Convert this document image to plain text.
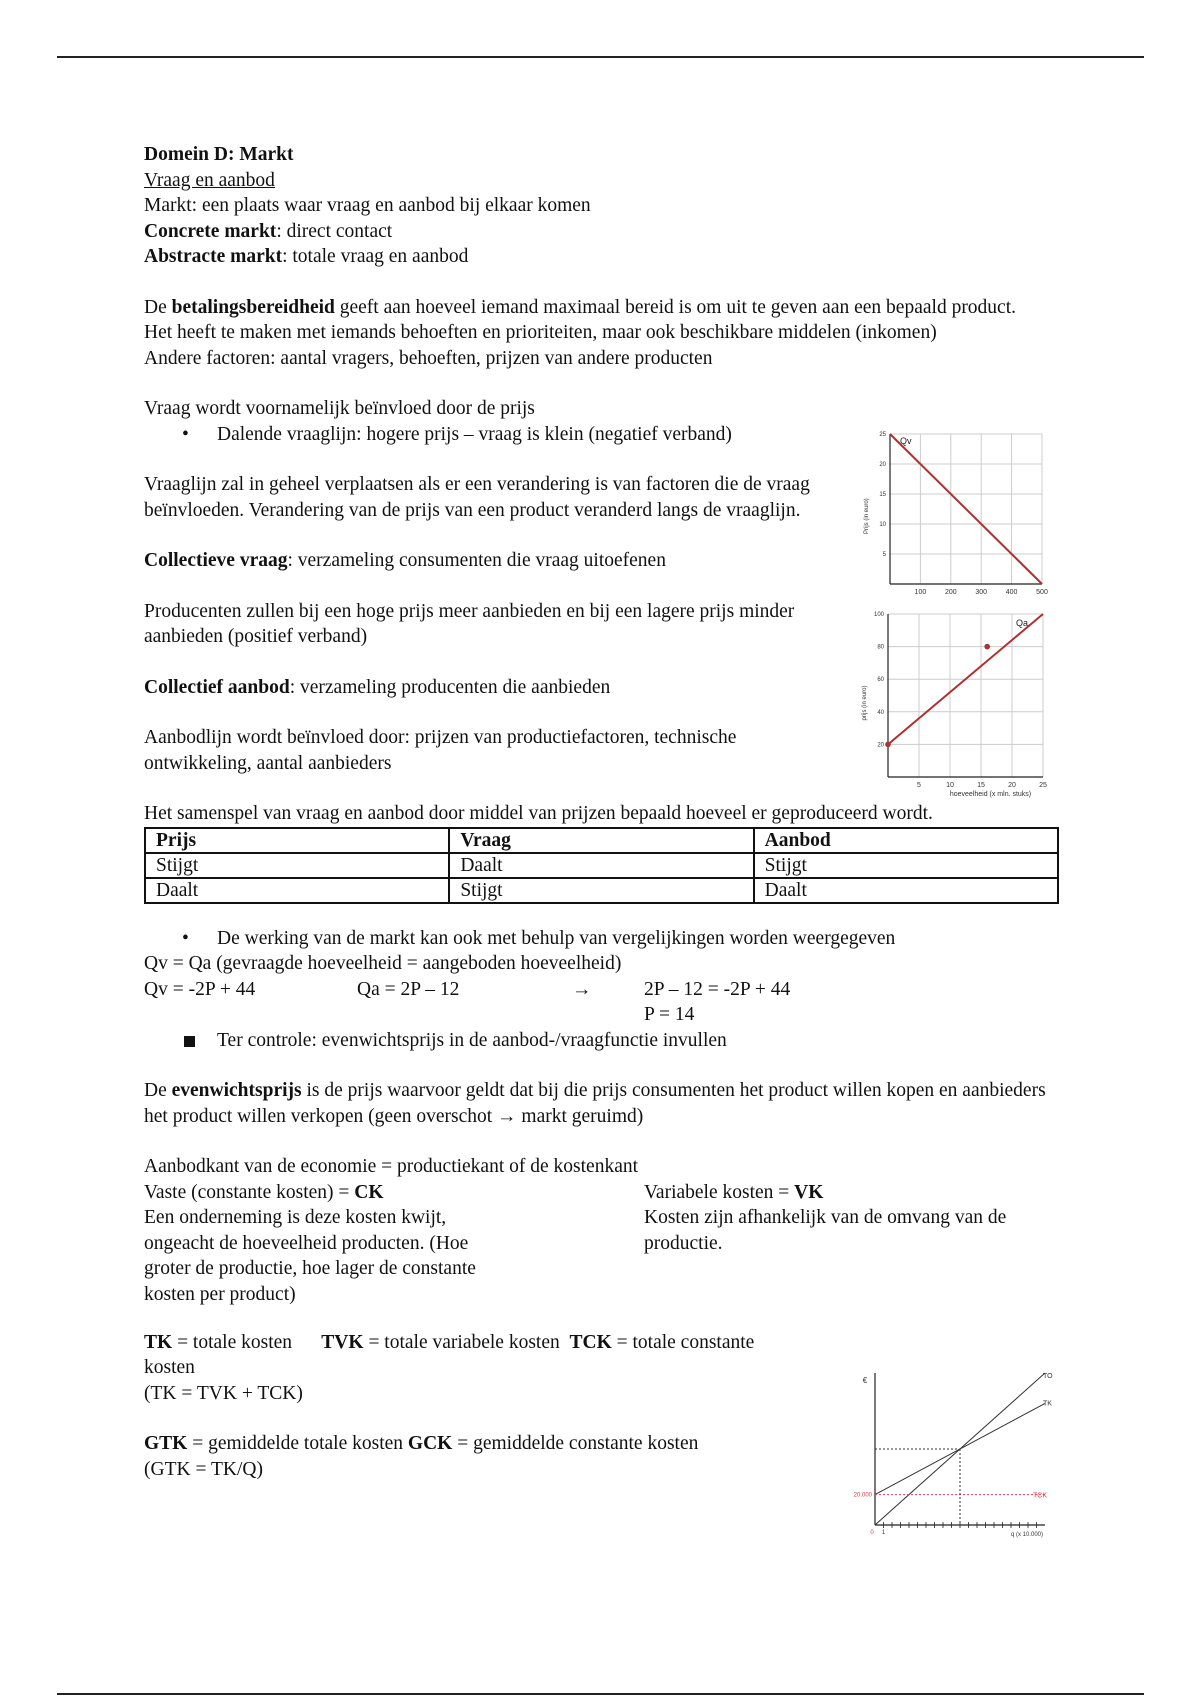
Domein D: Markt

Vraag en aanbod

Markt: een plaats waar vraag en aanbod bij elkaar komen

Concrete markt: direct contact

Abstracte markt: totale vraag en aanbod

De betalingsbereidheid geeft aan hoeveel iemand maximaal bereid is om uit te geven aan een bepaald product.

Het heeft te maken met iemands behoeften en prioriteiten, maar ook beschikbare middelen (inkomen)

Andere factoren: aantal vragers, behoeften, prijzen van andere producten

Vraag wordt voornamelijk beïnvloed door de prijs

• Dalende vraaglijn: hogere prijs – vraag is klein (negatief verband)

Vraaglijn zal in geheel verplaatsen als er een verandering is van factoren die de vraag beïnvloeden. Verandering van de prijs van een product veranderd langs de vraaglijn.

Collectieve vraag: verzameling consumenten die vraag uitoefenen

Producenten zullen bij een hoge prijs meer aanbieden en bij een lagere prijs minder aanbieden (positief verband)

Collectief aanbod: verzameling producenten die aanbieden

Aanbodlijn wordt beïnvloed door: prijzen van productiefactoren, technische ontwikkeling, aantal aanbieders

Het samenspel van vraag en aanbod door middel van prijzen bepaald hoeveel er geproduceerd wordt.

Prijs	Vraag	Aanbod
Stijgt	Daalt	Stijgt
Daalt	Stijgt	Daalt

• De werking van de markt kan ook met behulp van vergelijkingen worden weergegeven

Qv = Qa (gevraagde hoeveelheid = aangeboden hoeveelheid)

Qv = -2P + 44	Qa = 2P – 12	→	2P – 12 = -2P + 44
P = 14

Ter controle: evenwichtsprijs in de aanbod-/vraagfunctie invullen

De evenwichtsprijs is de prijs waarvoor geldt dat bij die prijs consumenten het product willen kopen en aanbieders het product willen verkopen (geen overschot → markt geruimd)

Aanbodkant van de economie = productiekant of de kostenkant

Vaste (constante kosten) = CK

Een onderneming is deze kosten kwijt, ongeacht de hoeveelheid producten. (Hoe groter de productie, hoe lager de constante kosten per product)

Variabele kosten = VK

Kosten zijn afhankelijk van de omvang van de productie.

TK = totale kosten TVK = totale variabele kosten TCK = totale constante kosten

(TK = TVK + TCK)

GTK = gemiddelde totale kosten GCK = gemiddelde constante kosten

(GTK = TK/Q)

100	200	300	400	500
5
10
15
20
25
Qv
Prijs (in euro)
5	10	15	20	25
20
40
60
80
100
Qa
prijs (in euro)
hoeveelheid (x mln. stuks)
TO
TK
TCK
€
20.000
0 1	q (x 10.000)
